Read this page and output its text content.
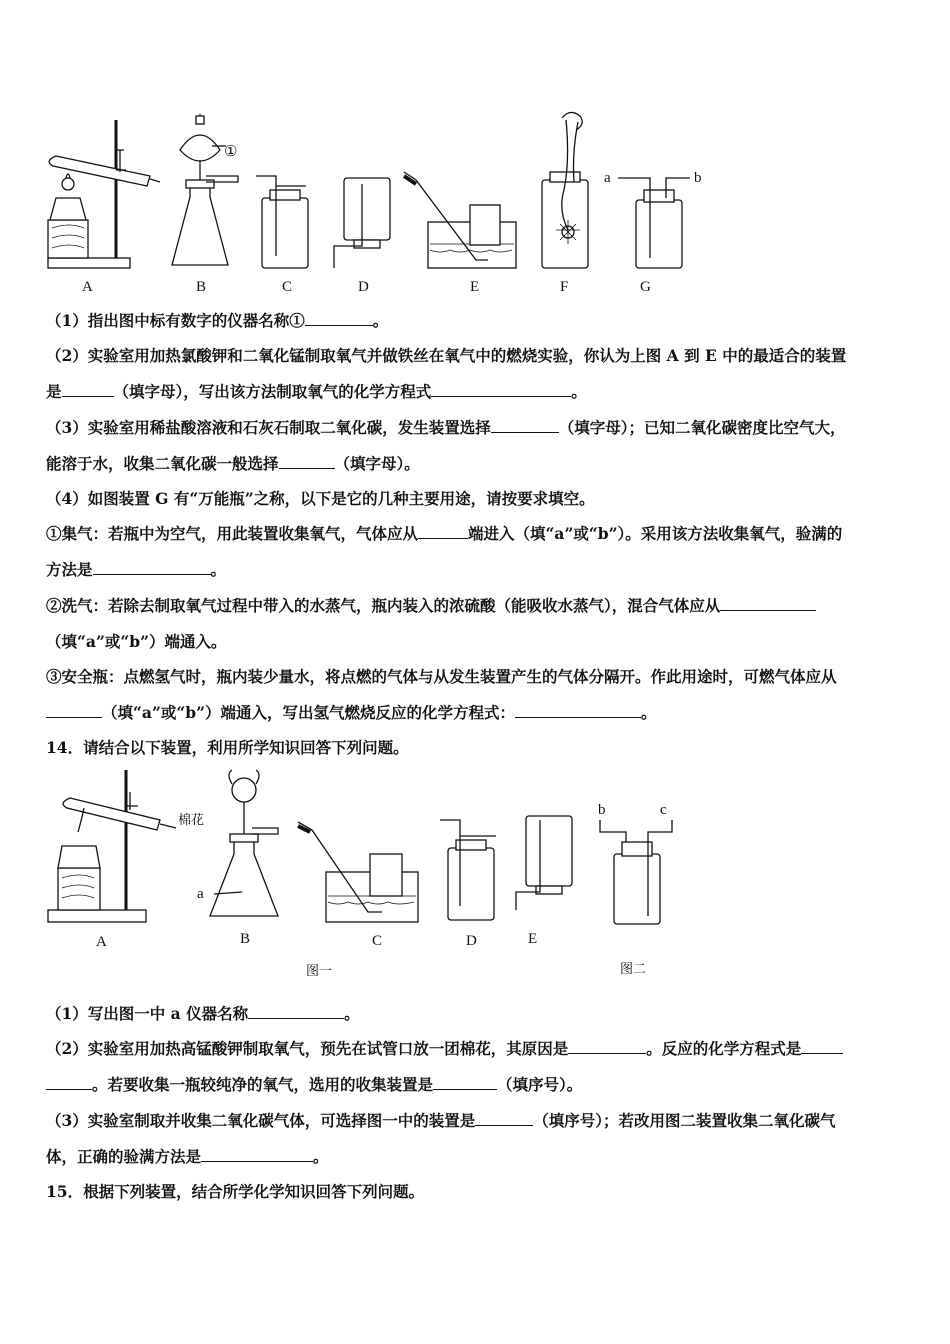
①
a	b
A	B	C	D	E	F	G
（1）指出图中标有数字的仪器名称①	。
（2）实验室用加热氯酸钾和二氧化锰制取氧气并做铁丝在氧气中的燃烧实验，你认为上图 A 到 E 中的最适合的装置
是	（填字母），写出该方法制取氧气的化学方程式	。
（3）实验室用稀盐酸溶液和石灰石制取二氧化碳，发生装置选择	（填字母）；已知二氧化碳密度比空气大，
能溶于水，收集二氧化碳一般选择	（填字母）。
（4）如图装置 G 有“万能瓶”之称，以下是它的几种主要用途，请按要求填空。
①集气：若瓶中为空气，用此装置收集氧气，气体应从	端进入（填“a”或“b”）。采用该方法收集氧气，验满的
方法是	。
②洗气：若除去制取氧气过程中带入的水蒸气，瓶内装入的浓硫酸（能吸收水蒸气），混合气体应从
（填“a”或“b”）端通入。
③安全瓶：点燃氢气时，瓶内装少量水，将点燃的气体与从发生装置产生的气体分隔开。作此用途时，可燃气体应从
（填“a”或“b”）端通入，写出氢气燃烧反应的化学方程式：	。
14．请结合以下装置，利用所学知识回答下列问题。
棉花
a
b	c
A	B	C	D	E
图一	图二
（1）写出图一中 a 仪器名称	。
（2）实验室用加热高锰酸钾制取氧气，预先在试管口放一团棉花，其原因是	。反应的化学方程式是
。若要收集一瓶较纯净的氧气，选用的收集装置是	（填序号）。
（3）实验室制取并收集二氧化碳气体，可选择图一中的装置是	（填序号）；若改用图二装置收集二氧化碳气
体，正确的验满方法是	。
15．根据下列装置，结合所学化学知识回答下列问题。
